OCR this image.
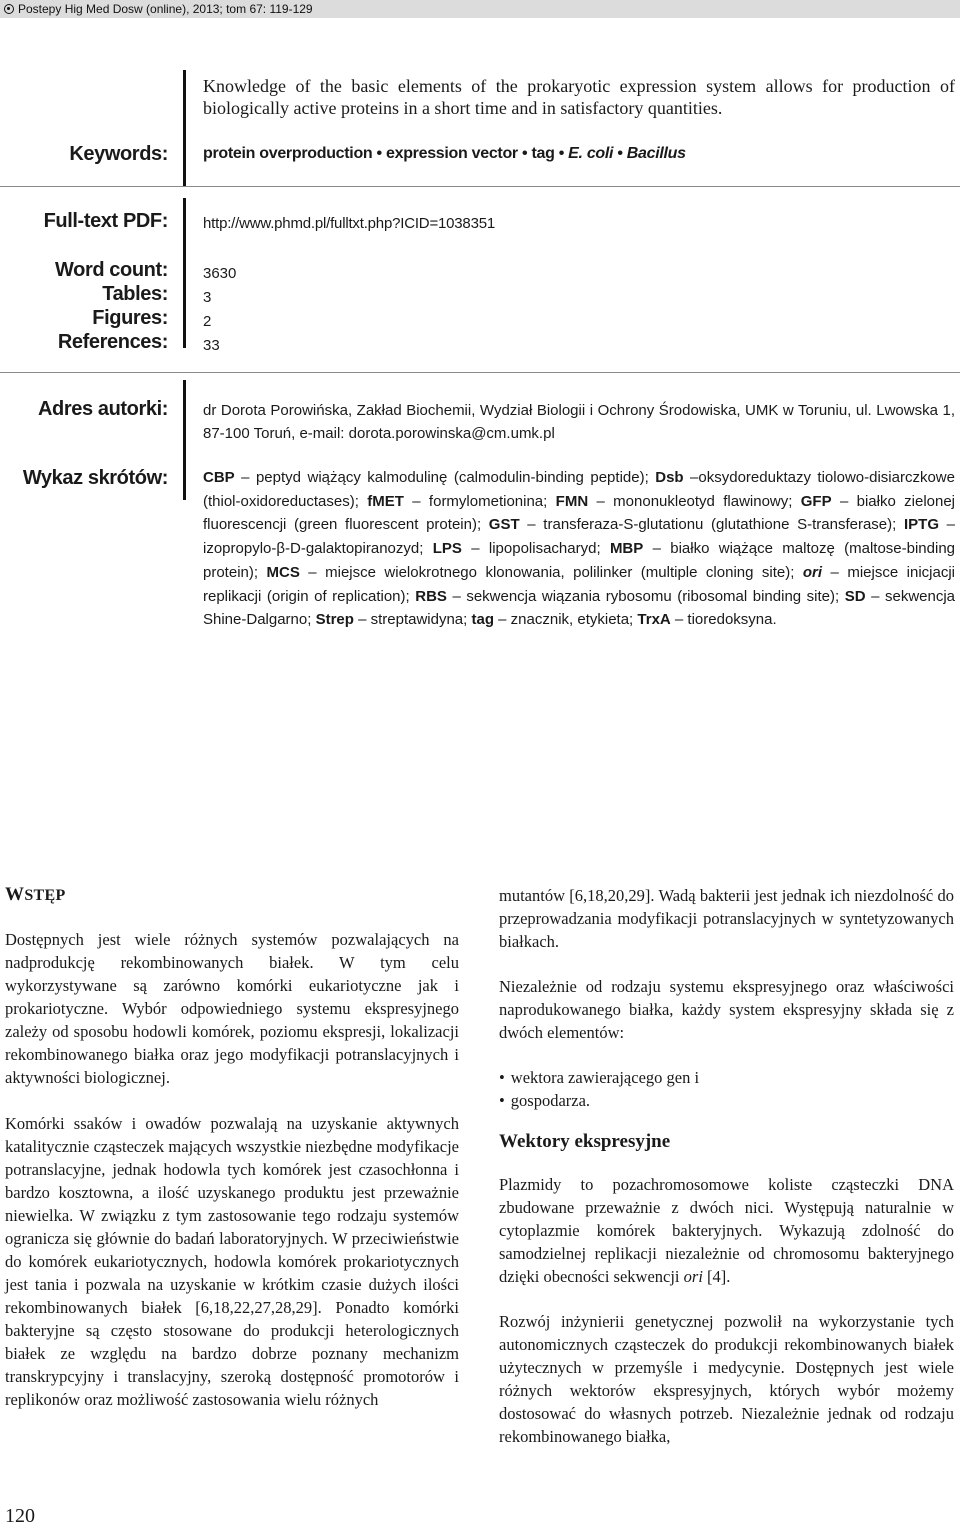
Postepy Hig Med Dosw (online), 2013; tom 67: 119-129
Knowledge of the basic elements of the prokaryotic expression system allows for production of biologically active proteins in a short time and in satisfactory quantities.
Keywords: protein overproduction • expression vector • tag • E. coli • Bacillus
Full-text PDF: http://www.phmd.pl/fulltxt.php?ICID=1038351
Word count:
Tables:
Figures:
References:
3630
3
2
33
Adres autorki: dr Dorota Porowińska, Zakład Biochemii, Wydział Biologii i Ochrony Środowiska, UMK w Toruniu, ul. Lwowska 1, 87-100 Toruń, e-mail: dorota.porowinska@cm.umk.pl
Wykaz skrótów: CBP – peptyd wiążący kalmodulinę (calmodulin-binding peptide); Dsb –oksydoreduktazy tiolowo-disiarczkowe (thiol-oxidoreductases); fMET – formylometionina; FMN – mononukleotyd flawinowy; GFP – białko zielonej fluorescencji (green fluorescent protein); GST – transferaza-S-glutationu (glutathione S-transferase); IPTG – izopropylo-β-D-galaktopiranozyd; LPS – lipopolisacharyd; MBP – białko wiążące maltozę (maltose-binding protein); MCS – miejsce wielokrotnego klonowania, polilinker (multiple cloning site); ori – miejsce inicjacji replikacji (origin of replication); RBS – sekwencja wiązania rybosomu (ribosomal binding site); SD – sekwencja Shine-Dalgarno; Strep – streptawidyna; tag – znacznik, etykieta; TrxA – tioredoksyna.
WSTĘP

Dostępnych jest wiele różnych systemów pozwalających na nadprodukcję rekombinowanych białek. W tym celu wykorzystywane są zarówno komórki eukariotyczne jak i prokariotyczne. Wybór odpowiedniego systemu ekspresyjnego zależy od sposobu hodowli komórek, poziomu ekspresji, lokalizacji rekombinowanego białka oraz jego modyfikacji potranslacyjnych i aktywności biologicznej.

Komórki ssaków i owadów pozwalają na uzyskanie aktywnych katalitycznie cząsteczek mających wszystkie niezbędne modyfikacje potranslacyjne, jednak hodowla tych komórek jest czasochłonna i bardzo kosztowna, a ilość uzyskanego produktu jest przeważnie niewielka. W związku z tym zastosowanie tego rodzaju systemów ogranicza się głównie do badań laboratoryjnych. W przeciwieństwie do komórek eukariotycznych, hodowla komórek prokariotycznych jest tania i pozwala na uzyskanie w krótkim czasie dużych ilości rekombinowanych białek [6,18,22,27,28,29]. Ponadto komórki bakteryjne są często stosowane do produkcji heterologicznych białek ze względu na bardzo dobrze poznany mechanizm transkrypcyjny i translacyjny, szeroką dostępność promotorów i replikonów oraz możliwość zastosowania wielu różnych

mutantów [6,18,20,29]. Wadą bakterii jest jednak ich niezdolność do przeprowadzania modyfikacji potranslacyjnych w syntetyzowanych białkach.

Niezależnie od rodzaju systemu ekspresyjnego oraz właściwości naprodukowanego białka, każdy system ekspresyjny składa się z dwóch elementów:

• wektora zawierającego gen i
• gospodarza.

Wektory ekspresyjne

Plazmidy to pozachromosomowe koliste cząsteczki DNA zbudowane przeważnie z dwóch nici. Występują naturalnie w cytoplazmie komórek bakteryjnych. Wykazują zdolność do samodzielnej replikacji niezależnie od chromosomu bakteryjnego dzięki obecności sekwencji ori [4].

Rozwój inżynierii genetycznej pozwolił na wykorzystanie tych autonomicznych cząsteczek do produkcji rekombinowanych białek użytecznych w przemyśle i medycynie. Dostępnych jest wiele różnych wektorów ekspresyjnych, których wybór możemy dostosować do własnych potrzeb. Niezależnie jednak od rodzaju rekombinowanego białka,

120
